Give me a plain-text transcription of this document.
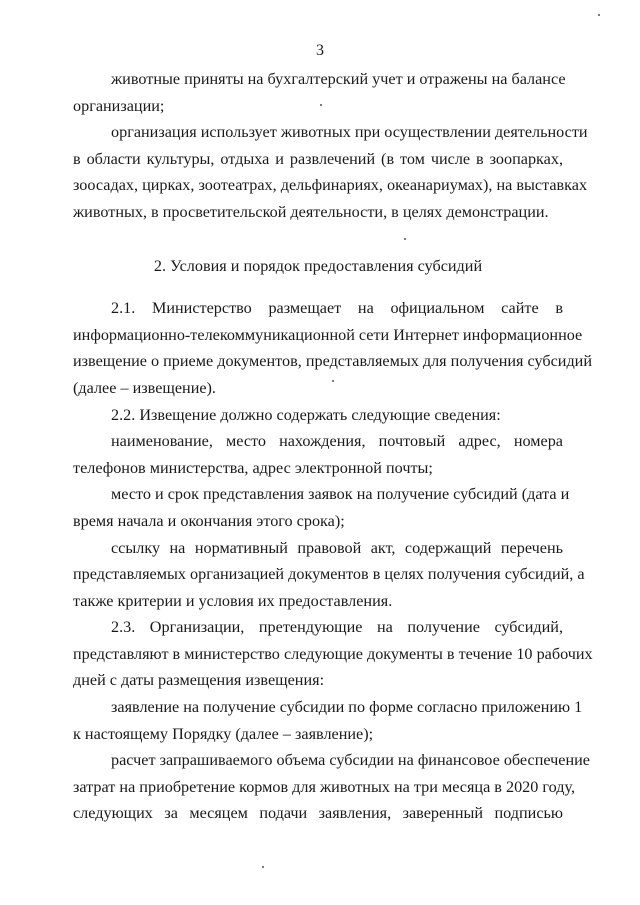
3
животные приняты на бухгалтерский учет и отражены на балансе
организации;
организация использует животных при осуществлении деятельности
в области культуры, отдыха и развлечений (в том числе в зоопарках,
зоосадах, цирках, зоотеатрах, дельфинариях, океанариумах), на выставках
животных, в просветительской деятельности, в целях демонстрации.
2. Условия и порядок предоставления субсидий
2.1. Министерство размещает на официальном сайте в
информационно-телекоммуникационной сети Интернет информационное
извещение о приеме документов, представляемых для получения субсидий
(далее – извещение).
2.2. Извещение должно содержать следующие сведения:
наименование, место нахождения, почтовый адрес, номера
телефонов министерства, адрес электронной почты;
место и срок представления заявок на получение субсидий (дата и
время начала и окончания этого срока);
ссылку на нормативный правовой акт, содержащий перечень
представляемых организацией документов в целях получения субсидий, а
также критерии и условия их предоставления.
2.3. Организации, претендующие на получение субсидий,
представляют в министерство следующие документы в течение 10 рабочих
дней с даты размещения извещения:
заявление на получение субсидии по форме согласно приложению 1
к настоящему Порядку (далее – заявление);
расчет запрашиваемого объема субсидии на финансовое обеспечение
затрат на приобретение кормов для животных на три месяца в 2020 году,
следующих за месяцем подачи заявления, заверенный подписью
